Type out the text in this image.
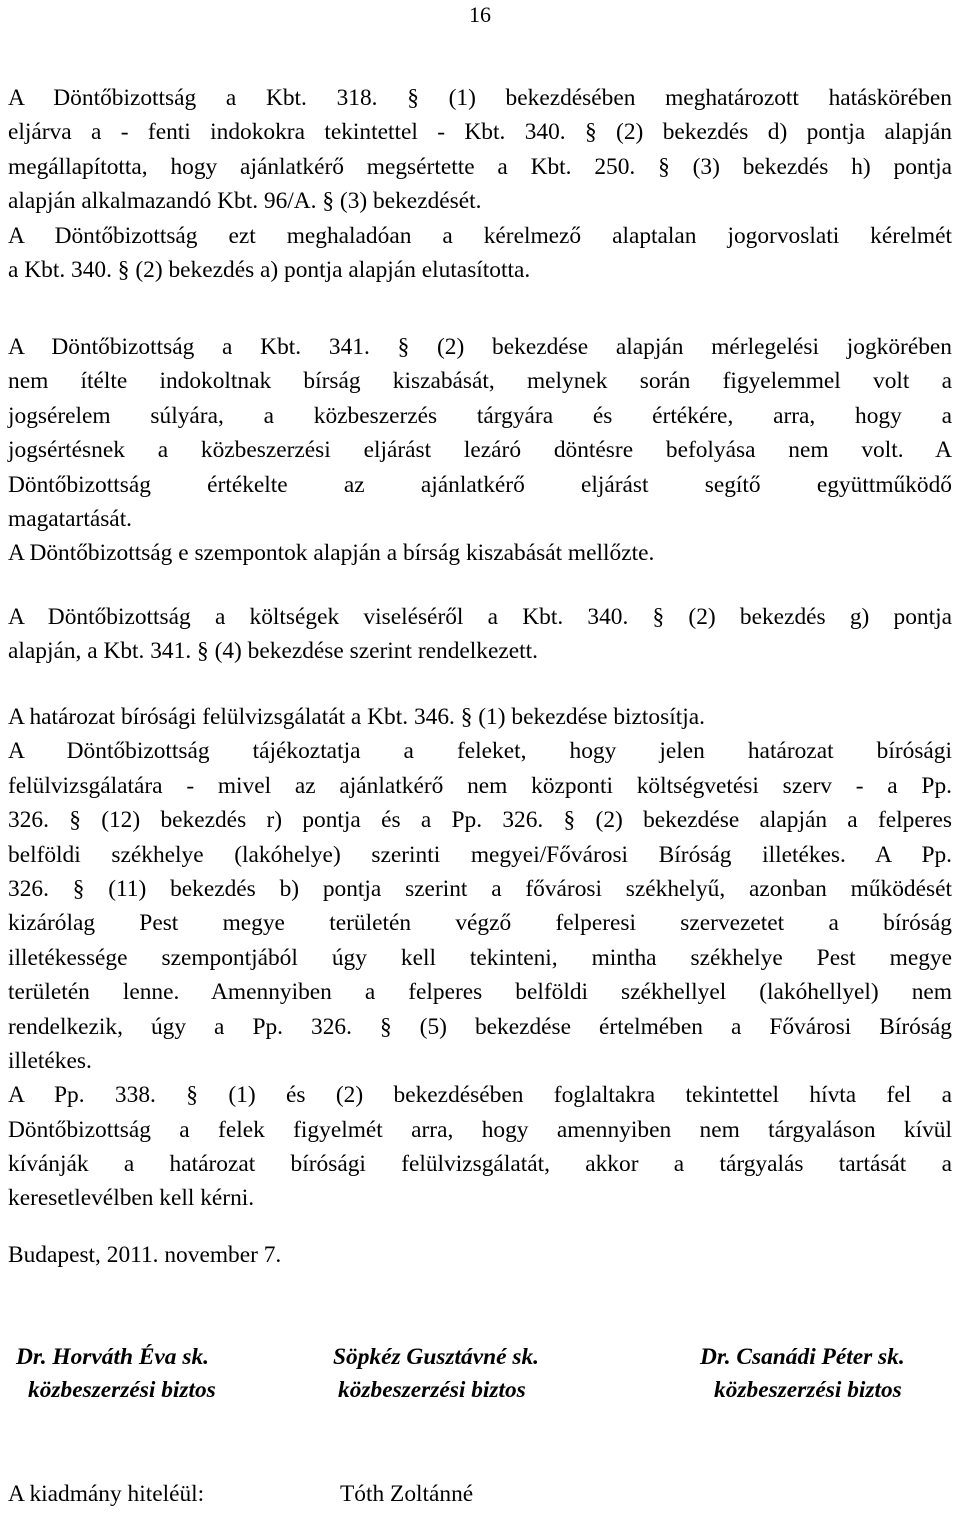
16
A Döntőbizottság a Kbt. 318. § (1) bekezdésében meghatározott hatáskörében
eljárva a - fenti indokokra tekintettel - Kbt. 340. § (2) bekezdés d) pontja alapján
megállapította, hogy ajánlatkérő megsértette a Kbt. 250. § (3) bekezdés h) pontja
alapján alkalmazandó Kbt. 96/A. § (3) bekezdését.
A Döntőbizottság ezt meghaladóan a kérelmező alaptalan jogorvoslati kérelmét
a Kbt. 340. § (2) bekezdés a) pontja alapján elutasította.
A Döntőbizottság a Kbt. 341. § (2) bekezdése alapján mérlegelési jogkörében
nem ítélte indokoltnak bírság kiszabását, melynek során figyelemmel volt a
jogsérelem súlyára, a közbeszerzés tárgyára és értékére, arra, hogy a
jogsértésnek a közbeszerzési eljárást lezáró döntésre befolyása nem volt. A
Döntőbizottság értékelte az ajánlatkérő eljárást segítő együttműködő
magatartását.
A Döntőbizottság e szempontok alapján a bírság kiszabását mellőzte.
A Döntőbizottság a költségek viseléséről a Kbt. 340. § (2) bekezdés g) pontja
alapján, a Kbt. 341. § (4) bekezdése szerint rendelkezett.
A határozat bírósági felülvizsgálatát a Kbt. 346. § (1) bekezdése biztosítja.
A Döntőbizottság tájékoztatja a feleket, hogy jelen határozat bírósági
felülvizsgálatára - mivel az ajánlatkérő nem központi költségvetési szerv - a Pp.
326. § (12) bekezdés r) pontja és a Pp. 326. § (2) bekezdése alapján a felperes
belföldi székhelye (lakóhelye) szerinti megyei/Fővárosi Bíróság illetékes. A Pp.
326. § (11) bekezdés b) pontja szerint a fővárosi székhelyű, azonban működését
kizárólag Pest megye területén végző felperesi szervezetet a bíróság
illetékessége szempontjából úgy kell tekinteni, mintha székhelye Pest megye
területén lenne. Amennyiben a felperes belföldi székhellyel (lakóhellyel) nem
rendelkezik, úgy a Pp. 326. § (5) bekezdése értelmében a Fővárosi Bíróság
illetékes.
A Pp. 338. § (1) és (2) bekezdésében foglaltakra tekintettel hívta fel a
Döntőbizottság a felek figyelmét arra, hogy amennyiben nem tárgyaláson kívül
kívánják a határozat bírósági felülvizsgálatát, akkor a tárgyalás tartását a
keresetlevélben kell kérni.
Budapest, 2011. november 7.
Dr. Horváth Éva sk.	Söpkéz Gusztávné sk.	Dr. Csanádi Péter sk.
közbeszerzési biztos	közbeszerzési biztos	közbeszerzési biztos
A kiadmány hiteléül:	Tóth Zoltánné
